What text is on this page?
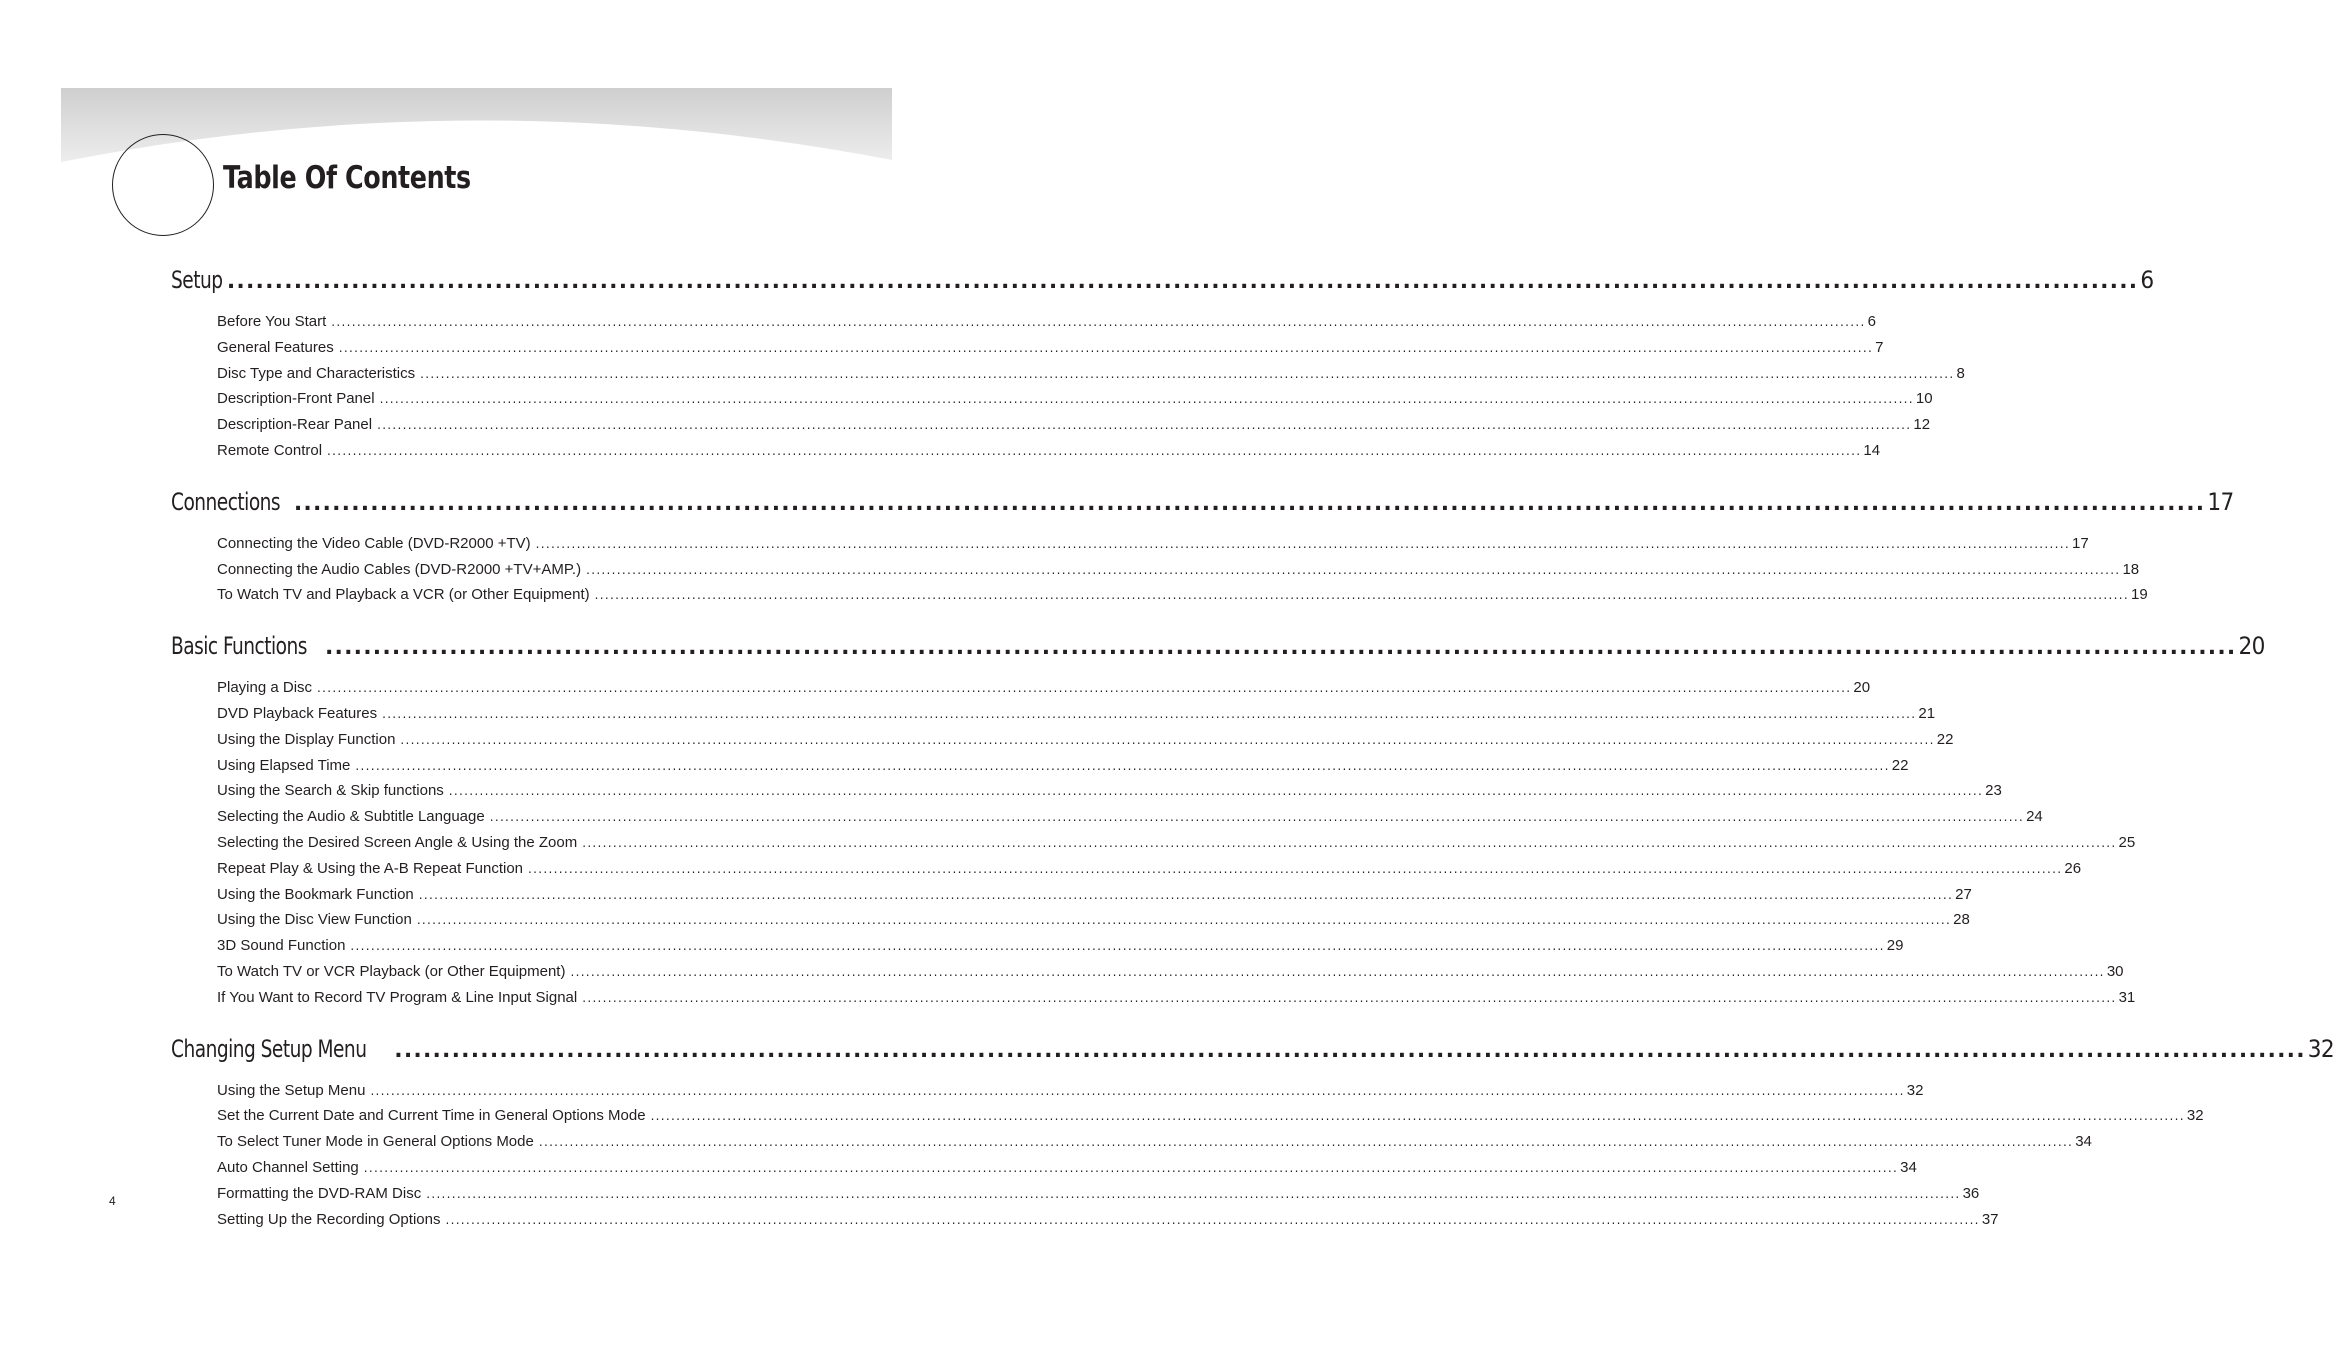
Table Of Contents
Setup ........................................................................................................................................................................................................ 6
Before You Start ............................................................................................................................................................................................................................................................................................................ 6
General Features ............................................................................................................................................................................................................................................................................................................ 7
Disc Type and Characteristics ............................................................................................................................................................................................................................................................................................................ 8
Description-Front Panel ............................................................................................................................................................................................................................................................................................................ 10
Description-Rear Panel ............................................................................................................................................................................................................................................................................................................ 12
Remote Control ............................................................................................................................................................................................................................................................................................................ 14
Connections ........................................................................................................................................................................................................ 17
Connecting the Video Cable (DVD-R2000 +TV) ............................................................................................................................................................................................................................................................................................................ 17
Connecting the Audio Cables (DVD-R2000 +TV+AMP.) ............................................................................................................................................................................................................................................................................................................ 18
To Watch TV and Playback a VCR (or Other Equipment) ............................................................................................................................................................................................................................................................................................................ 19
Basic Functions ........................................................................................................................................................................................................ 20
Playing a Disc ............................................................................................................................................................................................................................................................................................................ 20
DVD Playback Features ............................................................................................................................................................................................................................................................................................................ 21
Using the Display Function ............................................................................................................................................................................................................................................................................................................ 22
Using Elapsed Time ............................................................................................................................................................................................................................................................................................................ 22
Using the Search & Skip functions ............................................................................................................................................................................................................................................................................................................ 23
Selecting the Audio & Subtitle Language ............................................................................................................................................................................................................................................................................................................ 24
Selecting the Desired Screen Angle & Using the Zoom ............................................................................................................................................................................................................................................................................................................ 25
Repeat Play & Using the A-B Repeat Function ............................................................................................................................................................................................................................................................................................................ 26
Using the Bookmark Function ............................................................................................................................................................................................................................................................................................................ 27
Using the Disc View Function ............................................................................................................................................................................................................................................................................................................ 28
3D Sound Function ............................................................................................................................................................................................................................................................................................................ 29
To Watch TV or VCR Playback (or Other Equipment) ............................................................................................................................................................................................................................................................................................................ 30
If You Want to Record TV Program & Line Input Signal ............................................................................................................................................................................................................................................................................................................ 31
Changing Setup Menu ........................................................................................................................................................................................................ 32
Using the Setup Menu ............................................................................................................................................................................................................................................................................................................ 32
Set the Current Date and Current Time in General Options Mode ............................................................................................................................................................................................................................................................................................................ 32
To Select Tuner Mode in General Options Mode ............................................................................................................................................................................................................................................................................................................ 34
Auto Channel Setting ............................................................................................................................................................................................................................................................................................................ 34
Formatting the DVD-RAM Disc ............................................................................................................................................................................................................................................................................................................ 36
Setting Up the Recording Options ............................................................................................................................................................................................................................................................................................................ 37
4
